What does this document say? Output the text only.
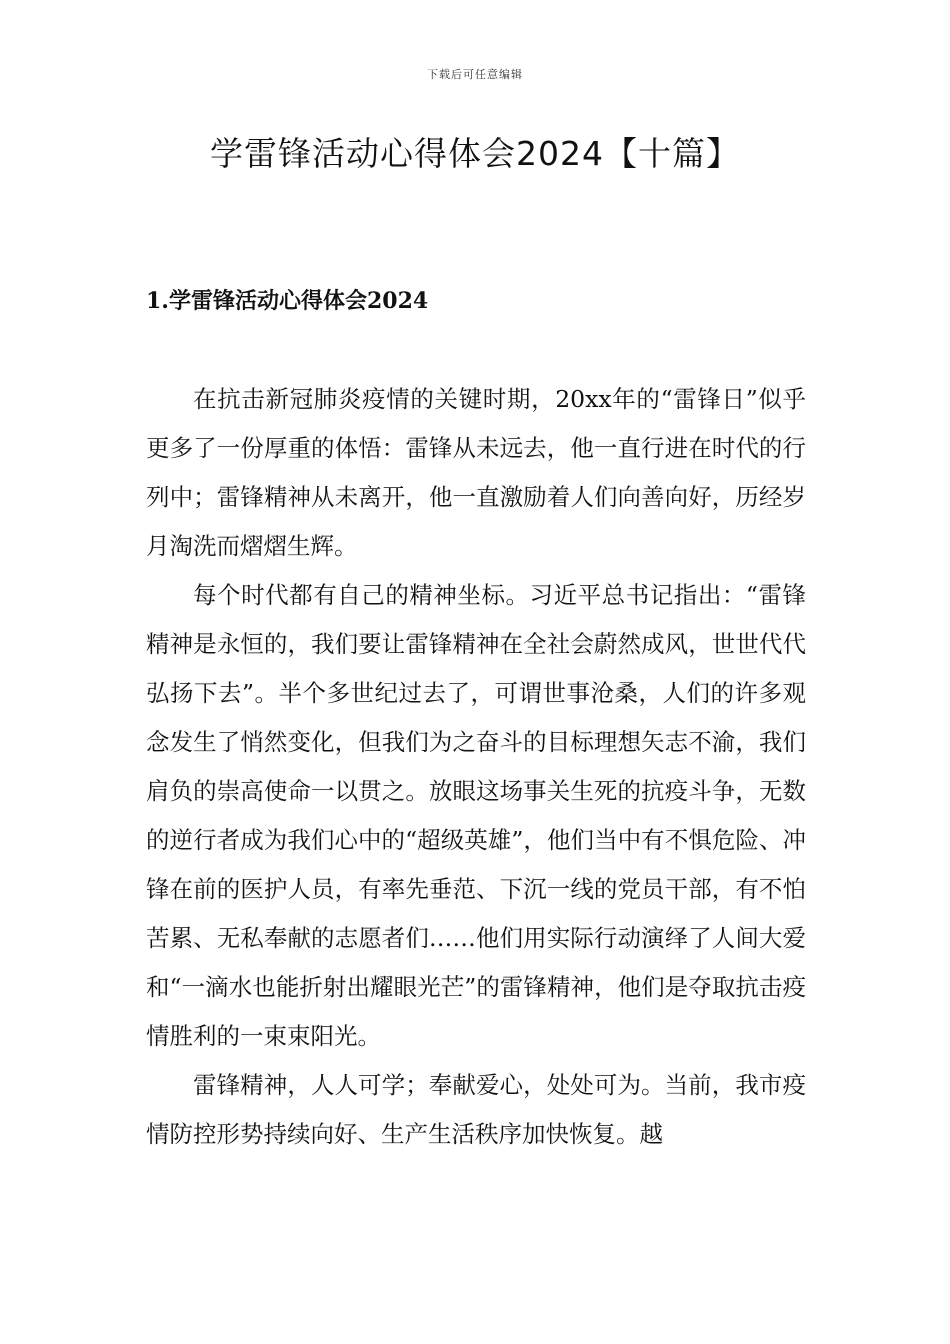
下载后可任意编辑
学雷锋活动心得体会2024【十篇】
1.学雷锋活动心得体会2024

在抗击新冠肺炎疫情的关键时期，20xx年的“雷锋日”似乎更多了一份厚重的体悟：雷锋从未远去，他一直行进在时代的行列中；雷锋精神从未离开，他一直激励着人们向善向好，历经岁月淘洗而熠熠生辉。

每个时代都有自己的精神坐标。习近平总书记指出：“雷锋精神是永恒的，我们要让雷锋精神在全社会蔚然成风，世世代代弘扬下去”。半个多世纪过去了，可谓世事沧桑，人们的许多观念发生了悄然变化，但我们为之奋斗的目标理想矢志不渝，我们肩负的崇高使命一以贯之。放眼这场事关生死的抗疫斗争，无数的逆行者成为我们心中的“超级英雄”，他们当中有不惧危险、冲锋在前的医护人员，有率先垂范、下沉一线的党员干部，有不怕苦累、无私奉献的志愿者们……他们用实际行动演绎了人间大爱和“一滴水也能折射出耀眼光芒”的雷锋精神，他们是夺取抗击疫情胜利的一束束阳光。

雷锋精神，人人可学；奉献爱心，处处可为。当前，我市疫情防控形势持续向好、生产生活秩序加快恢复。越
